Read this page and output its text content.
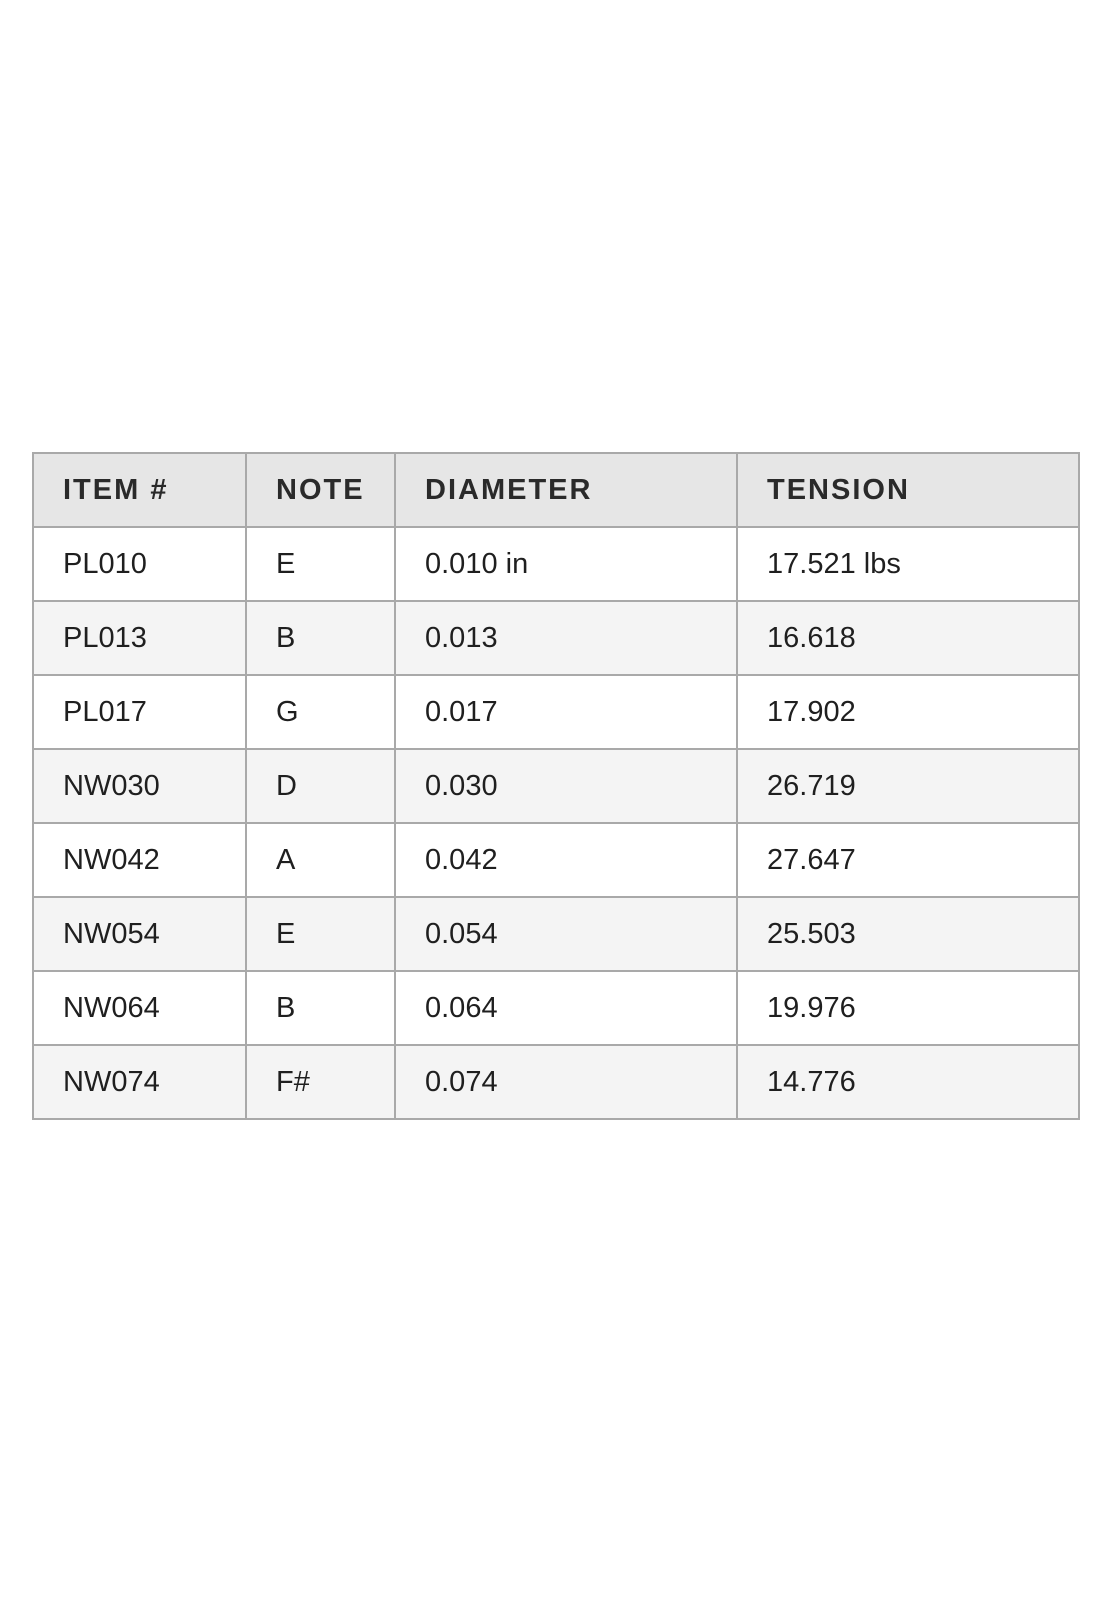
ITEM #	NOTE	DIAMETER	TENSION
PL010	E	0.010 in	17.521 lbs
PL013	B	0.013	16.618
PL017	G	0.017	17.902
NW030	D	0.030	26.719
NW042	A	0.042	27.647
NW054	E	0.054	25.503
NW064	B	0.064	19.976
NW074	F#	0.074	14.776
